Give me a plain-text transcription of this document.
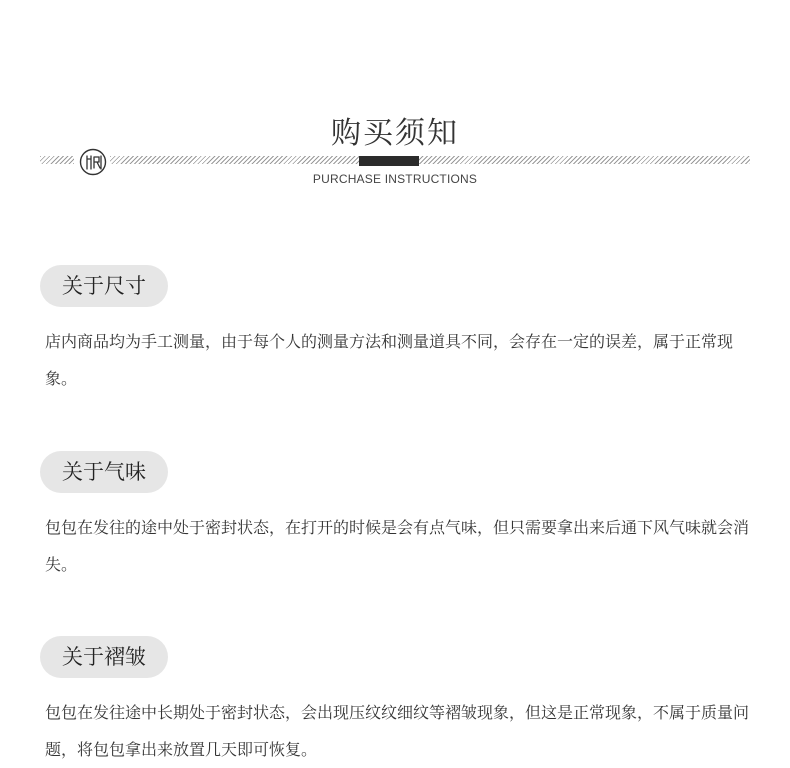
购买须知
PURCHASE INSTRUCTIONS
关于尺寸
店内商品均为手工测量，由于每个人的测量方法和测量道具不同，会存在一定的误差，属于正常现象。
关于气味
包包在发往的途中处于密封状态，在打开的时候是会有点气味，但只需要拿出来后通下风气味就会消失。
关于褶皱
包包在发往途中长期处于密封状态，会出现压纹纹细纹等褶皱现象，但这是正常现象，不属于质量问题，将包包拿出来放置几天即可恢复。
